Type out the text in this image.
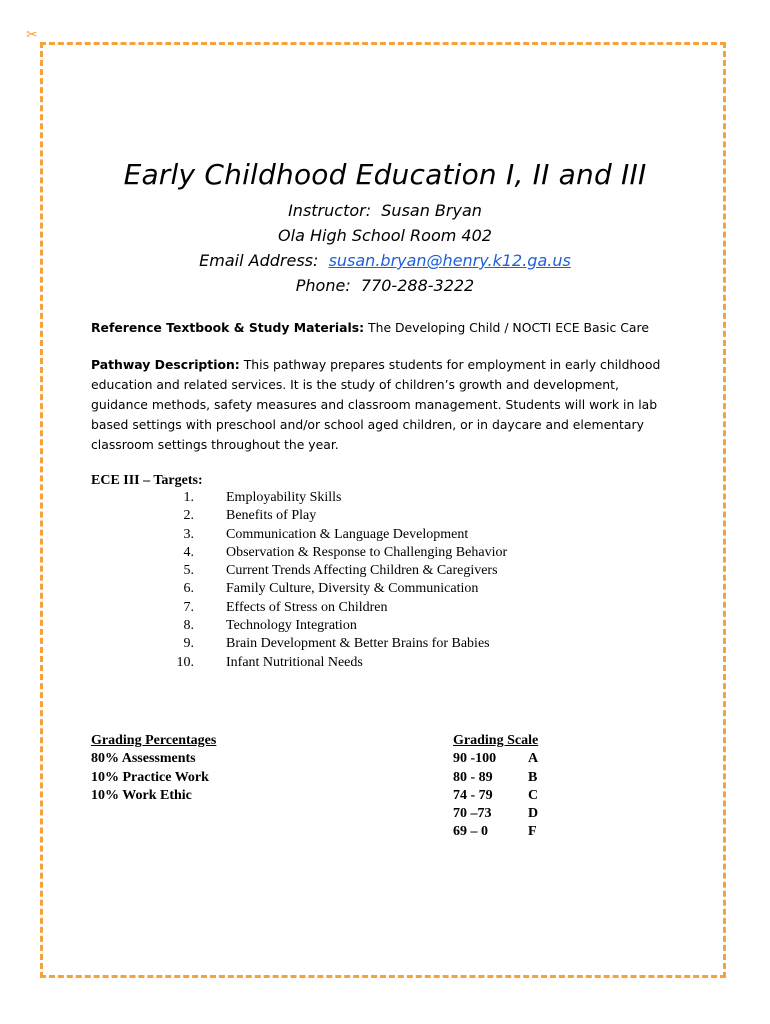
✂
Early Childhood Education I, II and III
Instructor: Susan Bryan
Ola High School Room 402
Email Address: susan.bryan@henry.k12.ga.us
Phone: 770-288-3222
Reference Textbook & Study Materials: The Developing Child / NOCTI ECE Basic Care
Pathway Description: This pathway prepares students for employment in early childhood
education and related services. It is the study of children’s growth and development,
guidance methods, safety measures and classroom management. Students will work in lab
based settings with preschool and/or school aged children, or in daycare and elementary
classroom settings throughout the year.
ECE III – Targets:
1. Employability Skills
2. Benefits of Play
3. Communication & Language Development
4. Observation & Response to Challenging Behavior
5. Current Trends Affecting Children & Caregivers
6. Family Culture, Diversity & Communication
7. Effects of Stress on Children
8. Technology Integration
9. Brain Development & Better Brains for Babies
10. Infant Nutritional Needs
Grading Percentages
80% Assessments
10% Practice Work
10% Work Ethic
Grading Scale
90 -100 A
80 - 89	B
74 - 79	C
70 –73	D
69 – 0	F
